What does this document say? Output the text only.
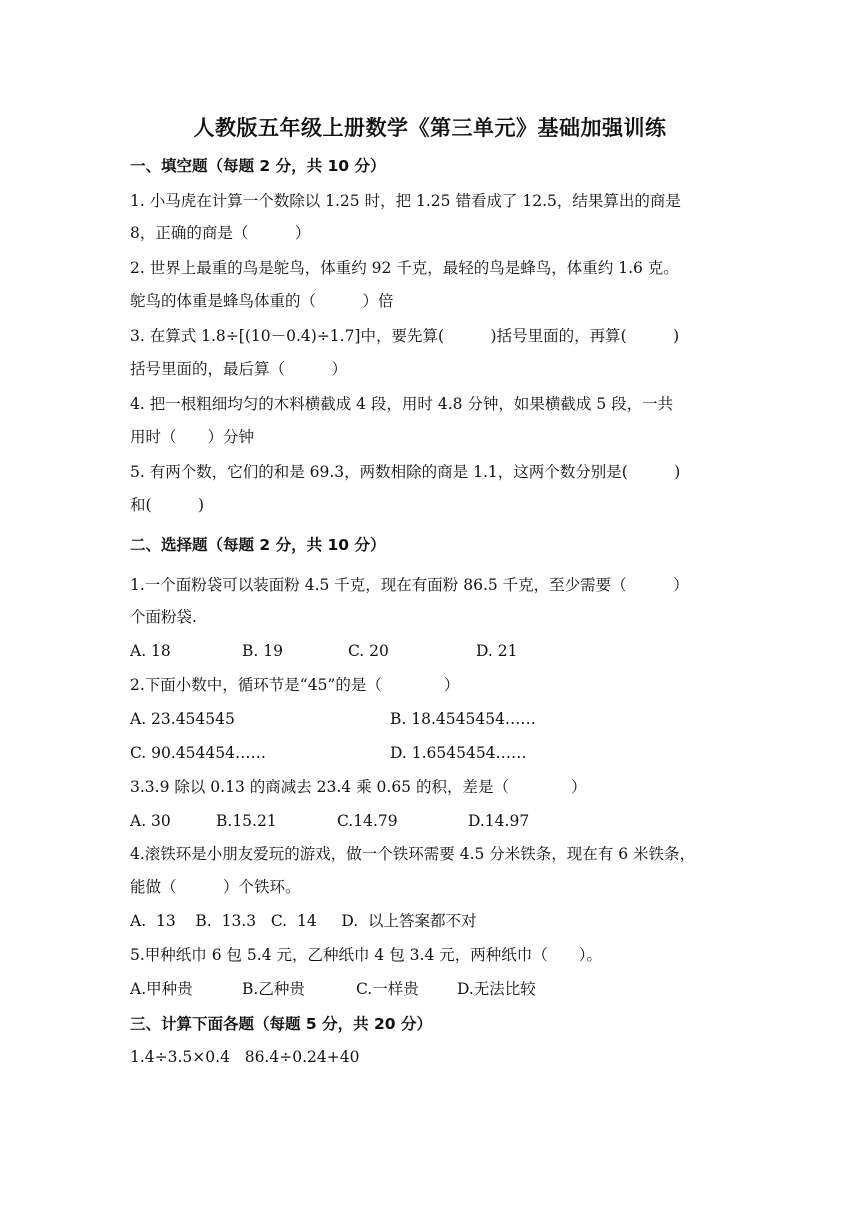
人教版五年级上册数学《第三单元》基础加强训练
一、填空题（每题 2 分，共 10 分）
1. 小马虎在计算一个数除以 1.25 时，把 1.25 错看成了 12.5，结果算出的商是
8，正确的商是（　　　）
2. 世界上最重的鸟是鸵鸟，体重约 92 千克，最轻的鸟是蜂鸟，体重约 1.6 克。
鸵鸟的体重是蜂鸟体重的（　　　）倍
3. 在算式 1.8÷[(10－0.4)÷1.7]中，要先算(　　　)括号里面的，再算(　　　)
括号里面的，最后算（　　　）
4. 把一根粗细均匀的木料横截成 4 段，用时 4.8 分钟，如果横截成 5 段，一共
用时（　　）分钟
5. 有两个数，它们的和是 69.3，两数相除的商是 1.1，这两个数分别是(　　　)
和(　　　)
二、选择题（每题 2 分，共 10 分）
1.一个面粉袋可以装面粉 4.5 千克，现在有面粉 86.5 千克，至少需要（　　　）
个面粉袋.
A. 18	B. 19	C. 20	D. 21
2.下面小数中，循环节是“45”的是（　　　　）
A. 23.454545	B. 18.4545454……
C. 90.454454……	D. 1.6545454……
3.3.9 除以 0.13 的商减去 23.4 乘 0.65 的积，差是（　　　　）
A. 30	B.15.21	C.14.79	D.14.97
4.滚铁环是小朋友爱玩的游戏，做一个铁环需要 4.5 分米铁条，现在有 6 米铁条，
能做（　　　）个铁环。
A.  13    B.  13.3   C.  14     D.  以上答案都不对
5.甲种纸巾 6 包 5.4 元，乙种纸巾 4 包 3.4 元，两种纸巾（　　）。
A.甲种贵	B.乙种贵	C.一样贵 D.无法比较
三、计算下面各题（每题 5 分，共 20 分）
1.4÷3.5×0.4   86.4÷0.24+40
